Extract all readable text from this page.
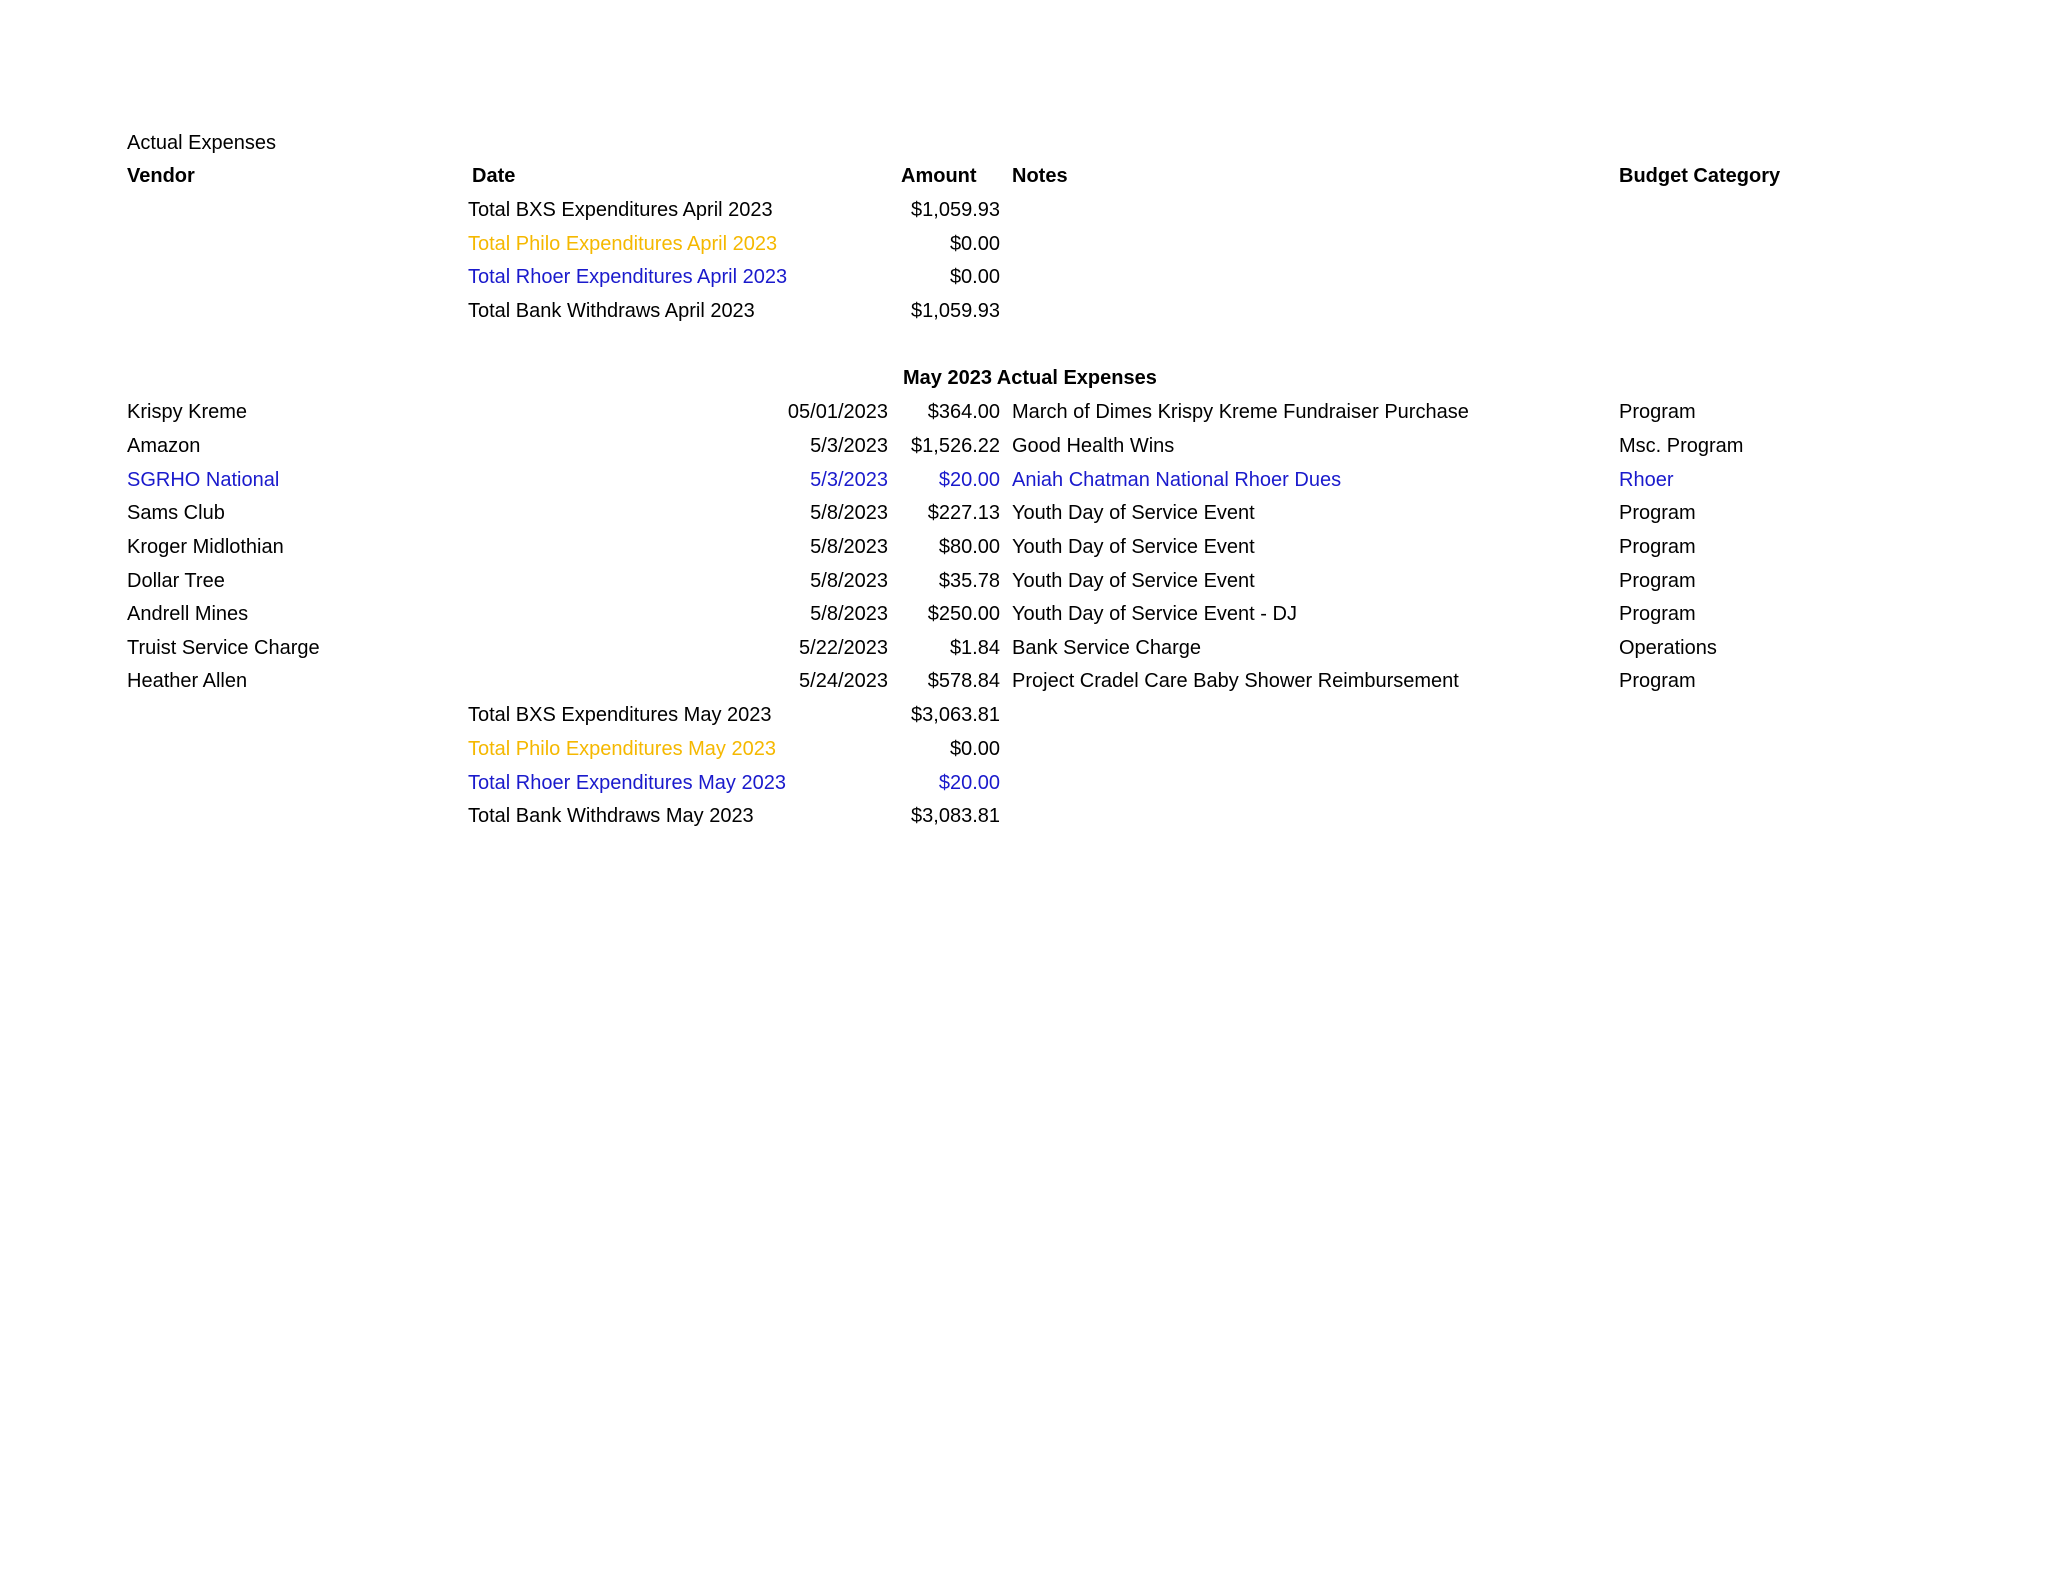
Actual Expenses
Vendor	Date	Amount	Notes	Budget Category
Total BXS Expenditures April 2023	$1,059.93
Total Philo Expenditures April 2023	$0.00
Total Rhoer Expenditures April 2023	$0.00
Total Bank Withdraws April 2023	$1,059.93
May 2023 Actual Expenses
Krispy Kreme	05/01/2023	$364.00 March of Dimes Krispy Kreme Fundraiser Purchase	Program
Amazon	5/3/2023	$1,526.22 Good Health Wins	Msc. Program
SGRHO National	5/3/2023	$20.00 Aniah Chatman National Rhoer Dues	Rhoer
Sams Club	5/8/2023	$227.13 Youth Day of Service Event	Program
Kroger Midlothian	5/8/2023	$80.00 Youth Day of Service Event	Program
Dollar Tree	5/8/2023	$35.78 Youth Day of Service Event	Program
Andrell Mines	5/8/2023	$250.00 Youth Day of Service Event - DJ	Program
Truist Service Charge	5/22/2023	$1.84 Bank Service Charge	Operations
Heather Allen	5/24/2023	$578.84 Project Cradel Care Baby Shower Reimbursement	Program
Total BXS Expenditures May 2023	$3,063.81
Total Philo Expenditures May 2023	$0.00
Total Rhoer Expenditures May 2023	$20.00
Total Bank Withdraws May 2023	$3,083.81
